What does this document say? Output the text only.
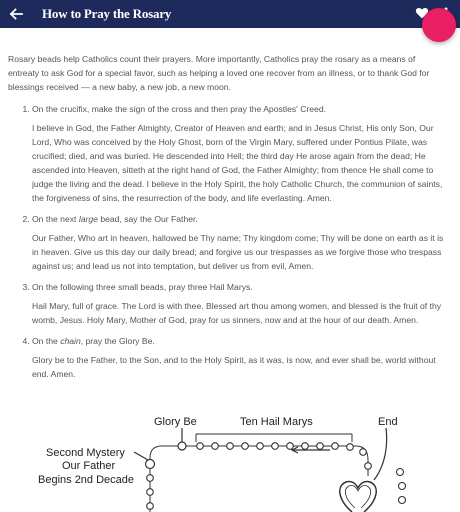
How to Pray the Rosary

Rosary beads help Catholics count their prayers. More importantly, Catholics pray the rosary as a means of entreaty to ask God for a special favor, such as helping a loved one recover from an illness, or to thank God for blessings received — a new baby, a new job, a new moon.

1. On the crucifix, make the sign of the cross and then pray the Apostles' Creed.
I believe in God, the Father Almighty, Creator of Heaven and earth; and in Jesus Christ, His only Son, Our Lord, Who was conceived by the Holy Ghost, born of the Virgin Mary, suffered under Pontius Pilate, was crucified; died, and was buried. He descended into Hell; the third day He arose again from the dead; He ascended into Heaven, sitteth at the right hand of God, the Father Almighty; from thence He shall come to judge the living and the dead. I believe in the Holy Spirit, the holy Catholic Church, the communion of saints, the forgiveness of sins, the resurrection of the body, and life everlasting. Amen.
2. On the next large bead, say the Our Father.
Our Father, Who art in heaven, hallowed be Thy name; Thy kingdom come; Thy will be done on earth as it is in heaven. Give us this day our daily bread; and forgive us our trespasses as we forgive those who trespass against us; and lead us not into temptation, but deliver us from evil, Amen.
3. On the following three small beads, pray three Hail Marys.
Hail Mary, full of grace. The Lord is with thee. Blessed art thou among women, and blessed is the fruit of thy womb, Jesus. Holy Mary, Mother of God, pray for us sinners, now and at the hour of our death. Amen.
4. On the chain, pray the Glory Be.
Glory be to the Father, to the Son, and to the Holy Spirit, as it was, is now, and ever shall be, world without end. Amen.
Glory Be	Ten Hail Marys	End
Second Mystery
Our Father
Begins 2nd Decade
